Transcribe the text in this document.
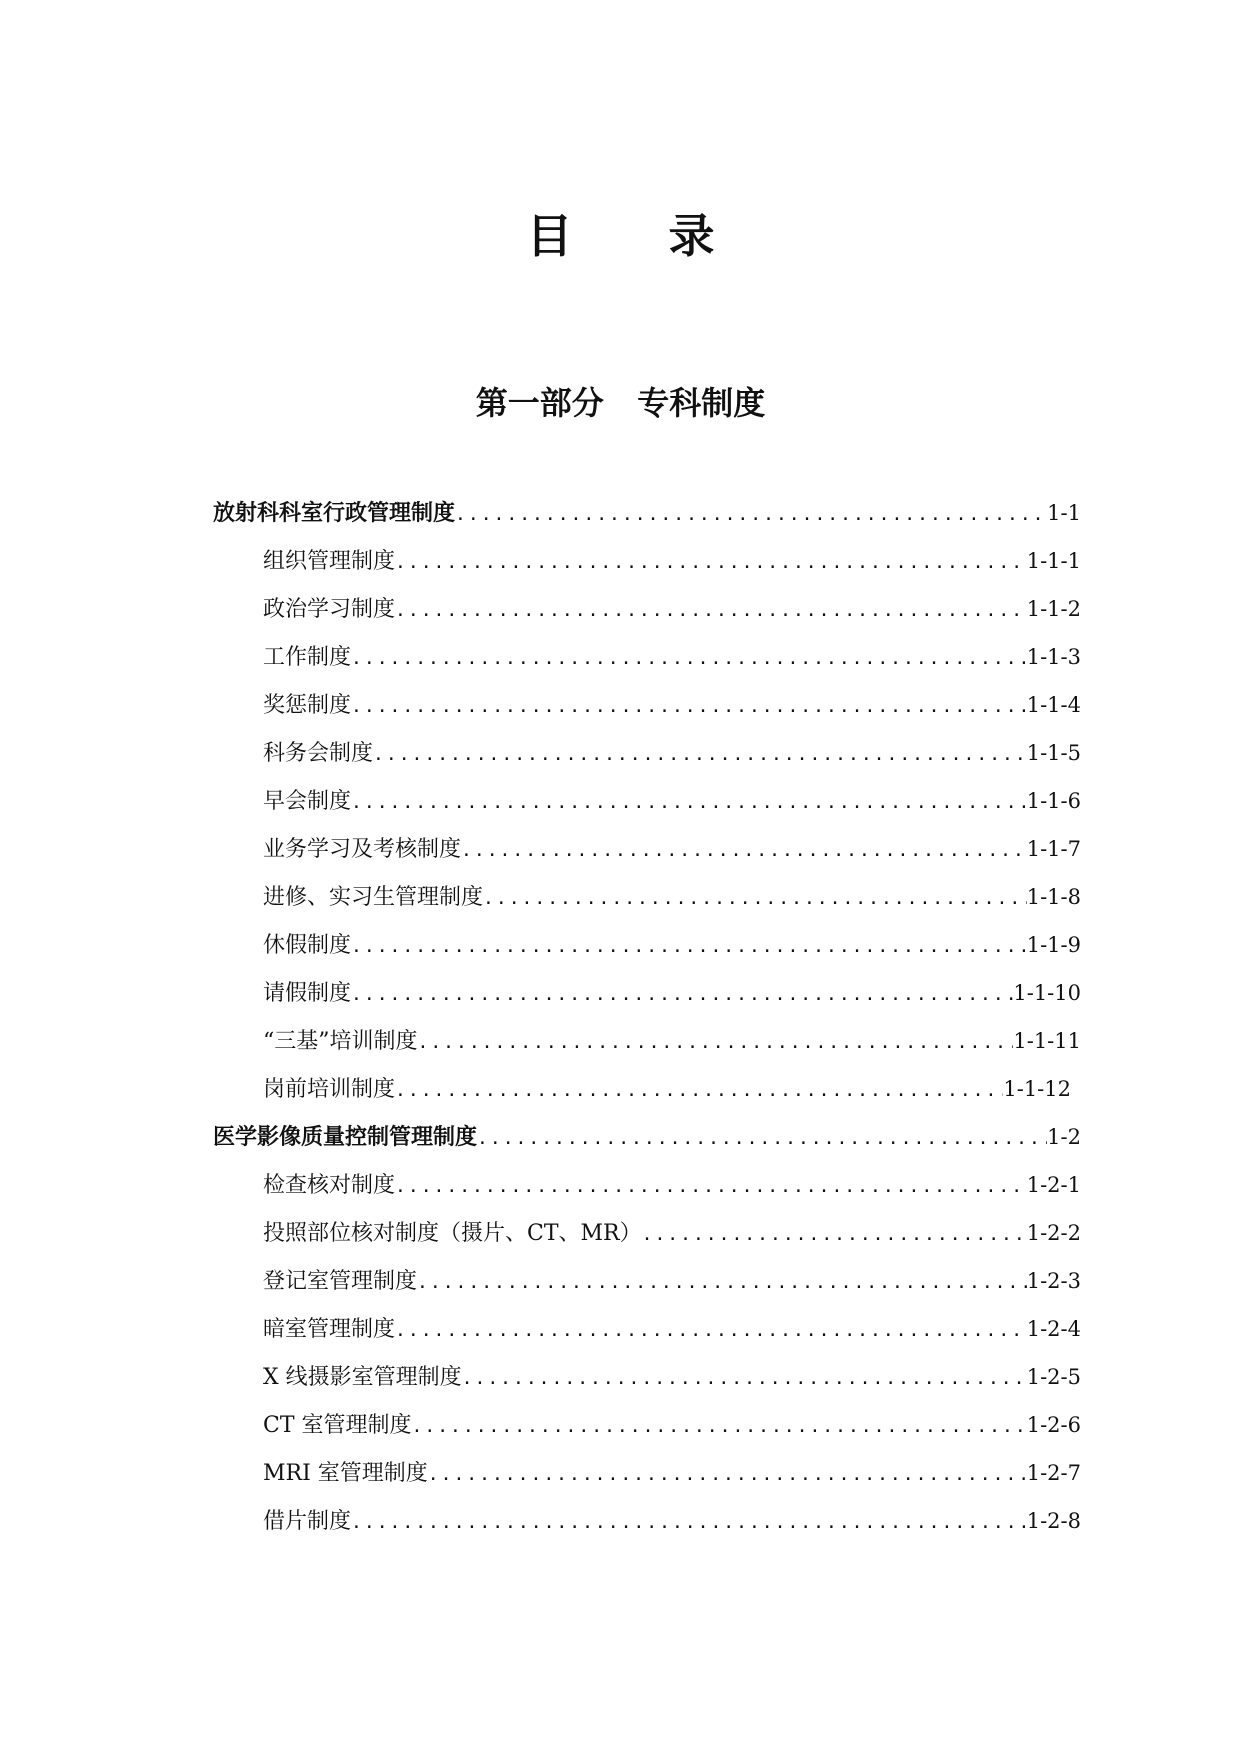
目 录
第一部分   专科制度
放射科科室行政管理制度 .....	1-1
组织管理制度 .....	1-1-1
政治学习制度 .....	1-1-2
工作制度 .....	1-1-3
奖惩制度 .....	1-1-4
科务会制度 .....	1-1-5
早会制度 .....	1-1-6
业务学习及考核制度 .....	1-1-7
进修、实习生管理制度 .....	1-1-8
休假制度 .....	1-1-9
请假制度 .....	1-1-10
“三基”培训制度 .....	1-1-11
岗前培训制度 .....	1-1-12
医学影像质量控制管理制度 .....	1-2
检查核对制度 .....	1-2-1
投照部位核对制度（摄片、CT、MR） .....	1-2-2
登记室管理制度 .....	1-2-3
暗室管理制度 .....	1-2-4
X 线摄影室管理制度 .....	1-2-5
CT 室管理制度 .....	1-2-6
MRI 室管理制度 .....	1-2-7
借片制度 .....	1-2-8
